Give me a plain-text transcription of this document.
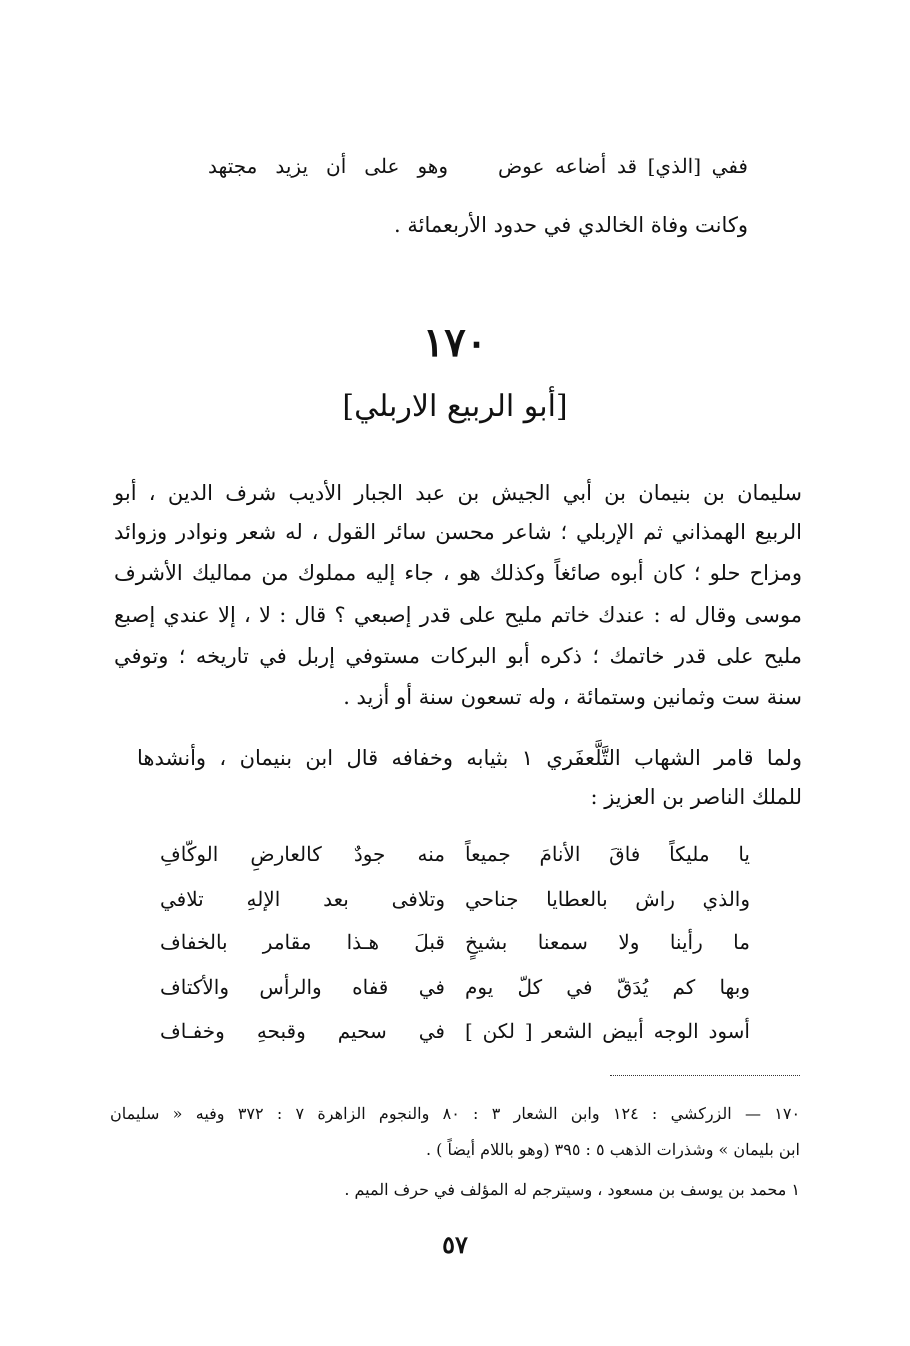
ففي [الذي] قد أضاعه عوض
وهو على أن يزيد مجتهد
وكانت وفاة الخالدي في حدود الأربعمائة .
١٧٠
[أبو الربيع الاربلي]
سليمان بن بنيمان بن أبي الجيش بن عبد الجبار الأديب شرف الدين ، أبو
الربيع الهمذاني ثم الإربلي ؛ شاعر محسن سائر القول ، له شعر ونوادر وزوائد
ومزاح حلو ؛ كان أبوه صائغاً وكذلك هو ، جاء إليه مملوك من مماليك الأشرف
موسى وقال له : عندك خاتم مليح على قدر إصبعي ؟ قال : لا ، إلا عندي إصبع
مليح على قدر خاتمك ؛ ذكره أبو البركات مستوفي إربل في تاريخه ؛ وتوفي
سنة ست وثمانين وستمائة ، وله تسعون سنة أو أزيد .
ولما قامر الشهاب التَّلَّعفَري ١ بثيابه وخفافه قال ابن بنيمان ، وأنشدها
للملك الناصر بن العزيز :
يا مليكاً فاقَ الأنامَ جميعاً
منه جودٌ كالعارضِ الوكّافِ
والذي راش بالعطايا جناحي
وتلافى بعد الإلهِ تلافي
ما رأينا ولا سمعنا بشيخٍ
قبلَ هـذا مقامر بالخفاف
وبها كم يُدَقّ في كلّ يوم
في قفاه والرأس والأكتاف
أسود الوجه أبيض الشعر [ لكن ]
في سحيم وقبحهِ وخفـاف
١٧٠ — الزركشي : ١٢٤ وابن الشعار ٣ : ٨٠ والنجوم الزاهرة ٧ : ٣٧٢ وفيه « سليمان
ابن بليمان » وشذرات الذهب ٥ : ٣٩٥ (وهو باللام أيضاً ) .
١ محمد بن يوسف بن مسعود ، وسيترجم له المؤلف في حرف الميم .
٥٧
